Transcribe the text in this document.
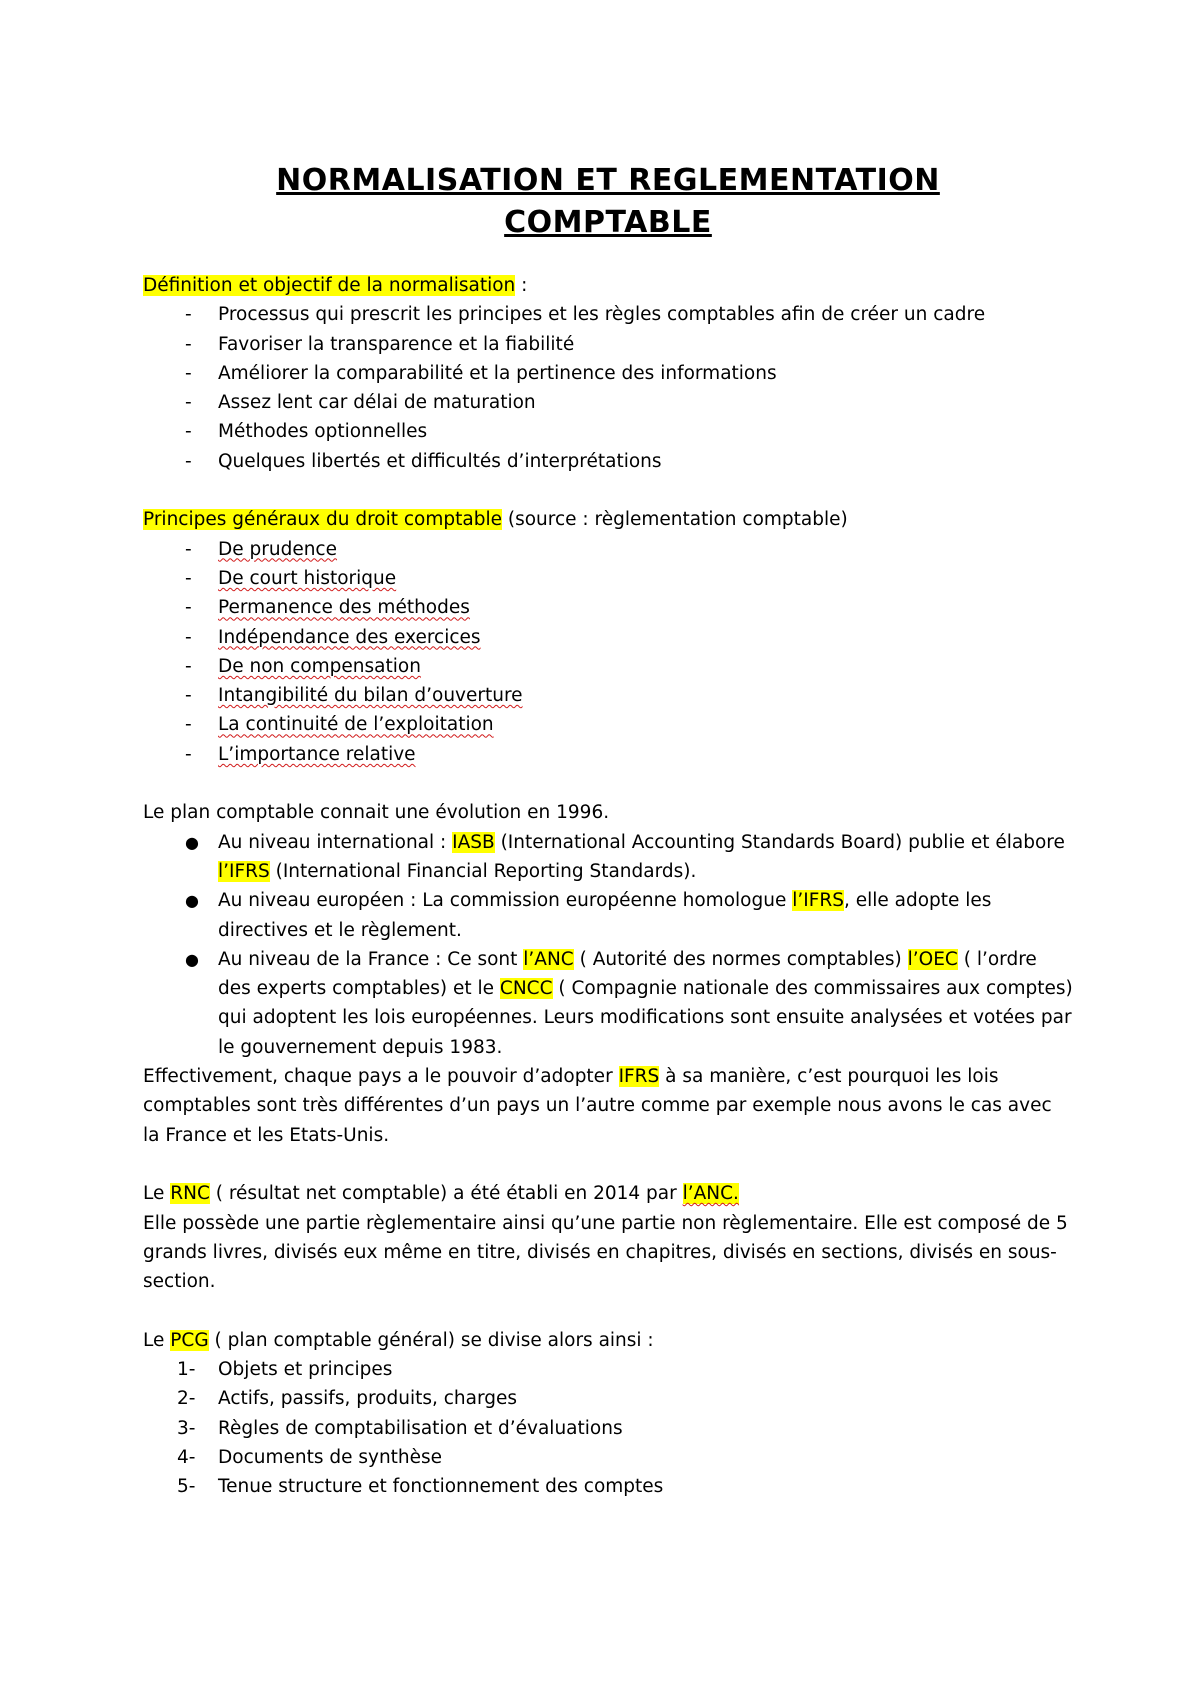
NORMALISATION ET REGLEMENTATION
COMPTABLE

Définition et objectif de la normalisation :

- Processus qui prescrit les principes et les règles comptables afin de créer un cadre
- Favoriser la transparence et la fiabilité
- Améliorer la comparabilité et la pertinence des informations
- Assez lent car délai de maturation
- Méthodes optionnelles
- Quelques libertés et difficultés d’interprétations

Principes généraux du droit comptable (source : règlementation comptable)

- De prudence
- De court historique
- Permanence des méthodes
- Indépendance des exercices
- De non compensation
- Intangibilité du bilan d’ouverture
- La continuité de l’exploitation
- L’importance relative

Le plan comptable connait une évolution en 1996.

● Au niveau international : IASB (International Accounting Standards Board) publie et élabore l’IFRS (International Financial Reporting Standards).
● Au niveau européen : La commission européenne homologue l’IFRS, elle adopte les directives et le règlement.
● Au niveau de la France : Ce sont l’ANC ( Autorité des normes comptables) l’OEC ( l’ordre des experts comptables) et le CNCC ( Compagnie nationale des commissaires aux comptes) qui adoptent les lois européennes. Leurs modifications sont ensuite analysées et votées par le gouvernement depuis 1983.

Effectivement, chaque pays a le pouvoir d’adopter IFRS à sa manière, c’est pourquoi les lois comptables sont très différentes d’un pays un l’autre comme par exemple nous avons le cas avec la France et les Etats-Unis.

Le RNC ( résultat net comptable) a été établi en 2014 par l’ANC.

Elle possède une partie règlementaire ainsi qu’une partie non règlementaire. Elle est composé de 5 grands livres, divisés eux même en titre, divisés en chapitres, divisés en sections, divisés en sous-section.

Le PCG ( plan comptable général) se divise alors ainsi :

1- Objets et principes
2- Actifs, passifs, produits, charges
3- Règles de comptabilisation et d’évaluations
4- Documents de synthèse
5- Tenue structure et fonctionnement des comptes
